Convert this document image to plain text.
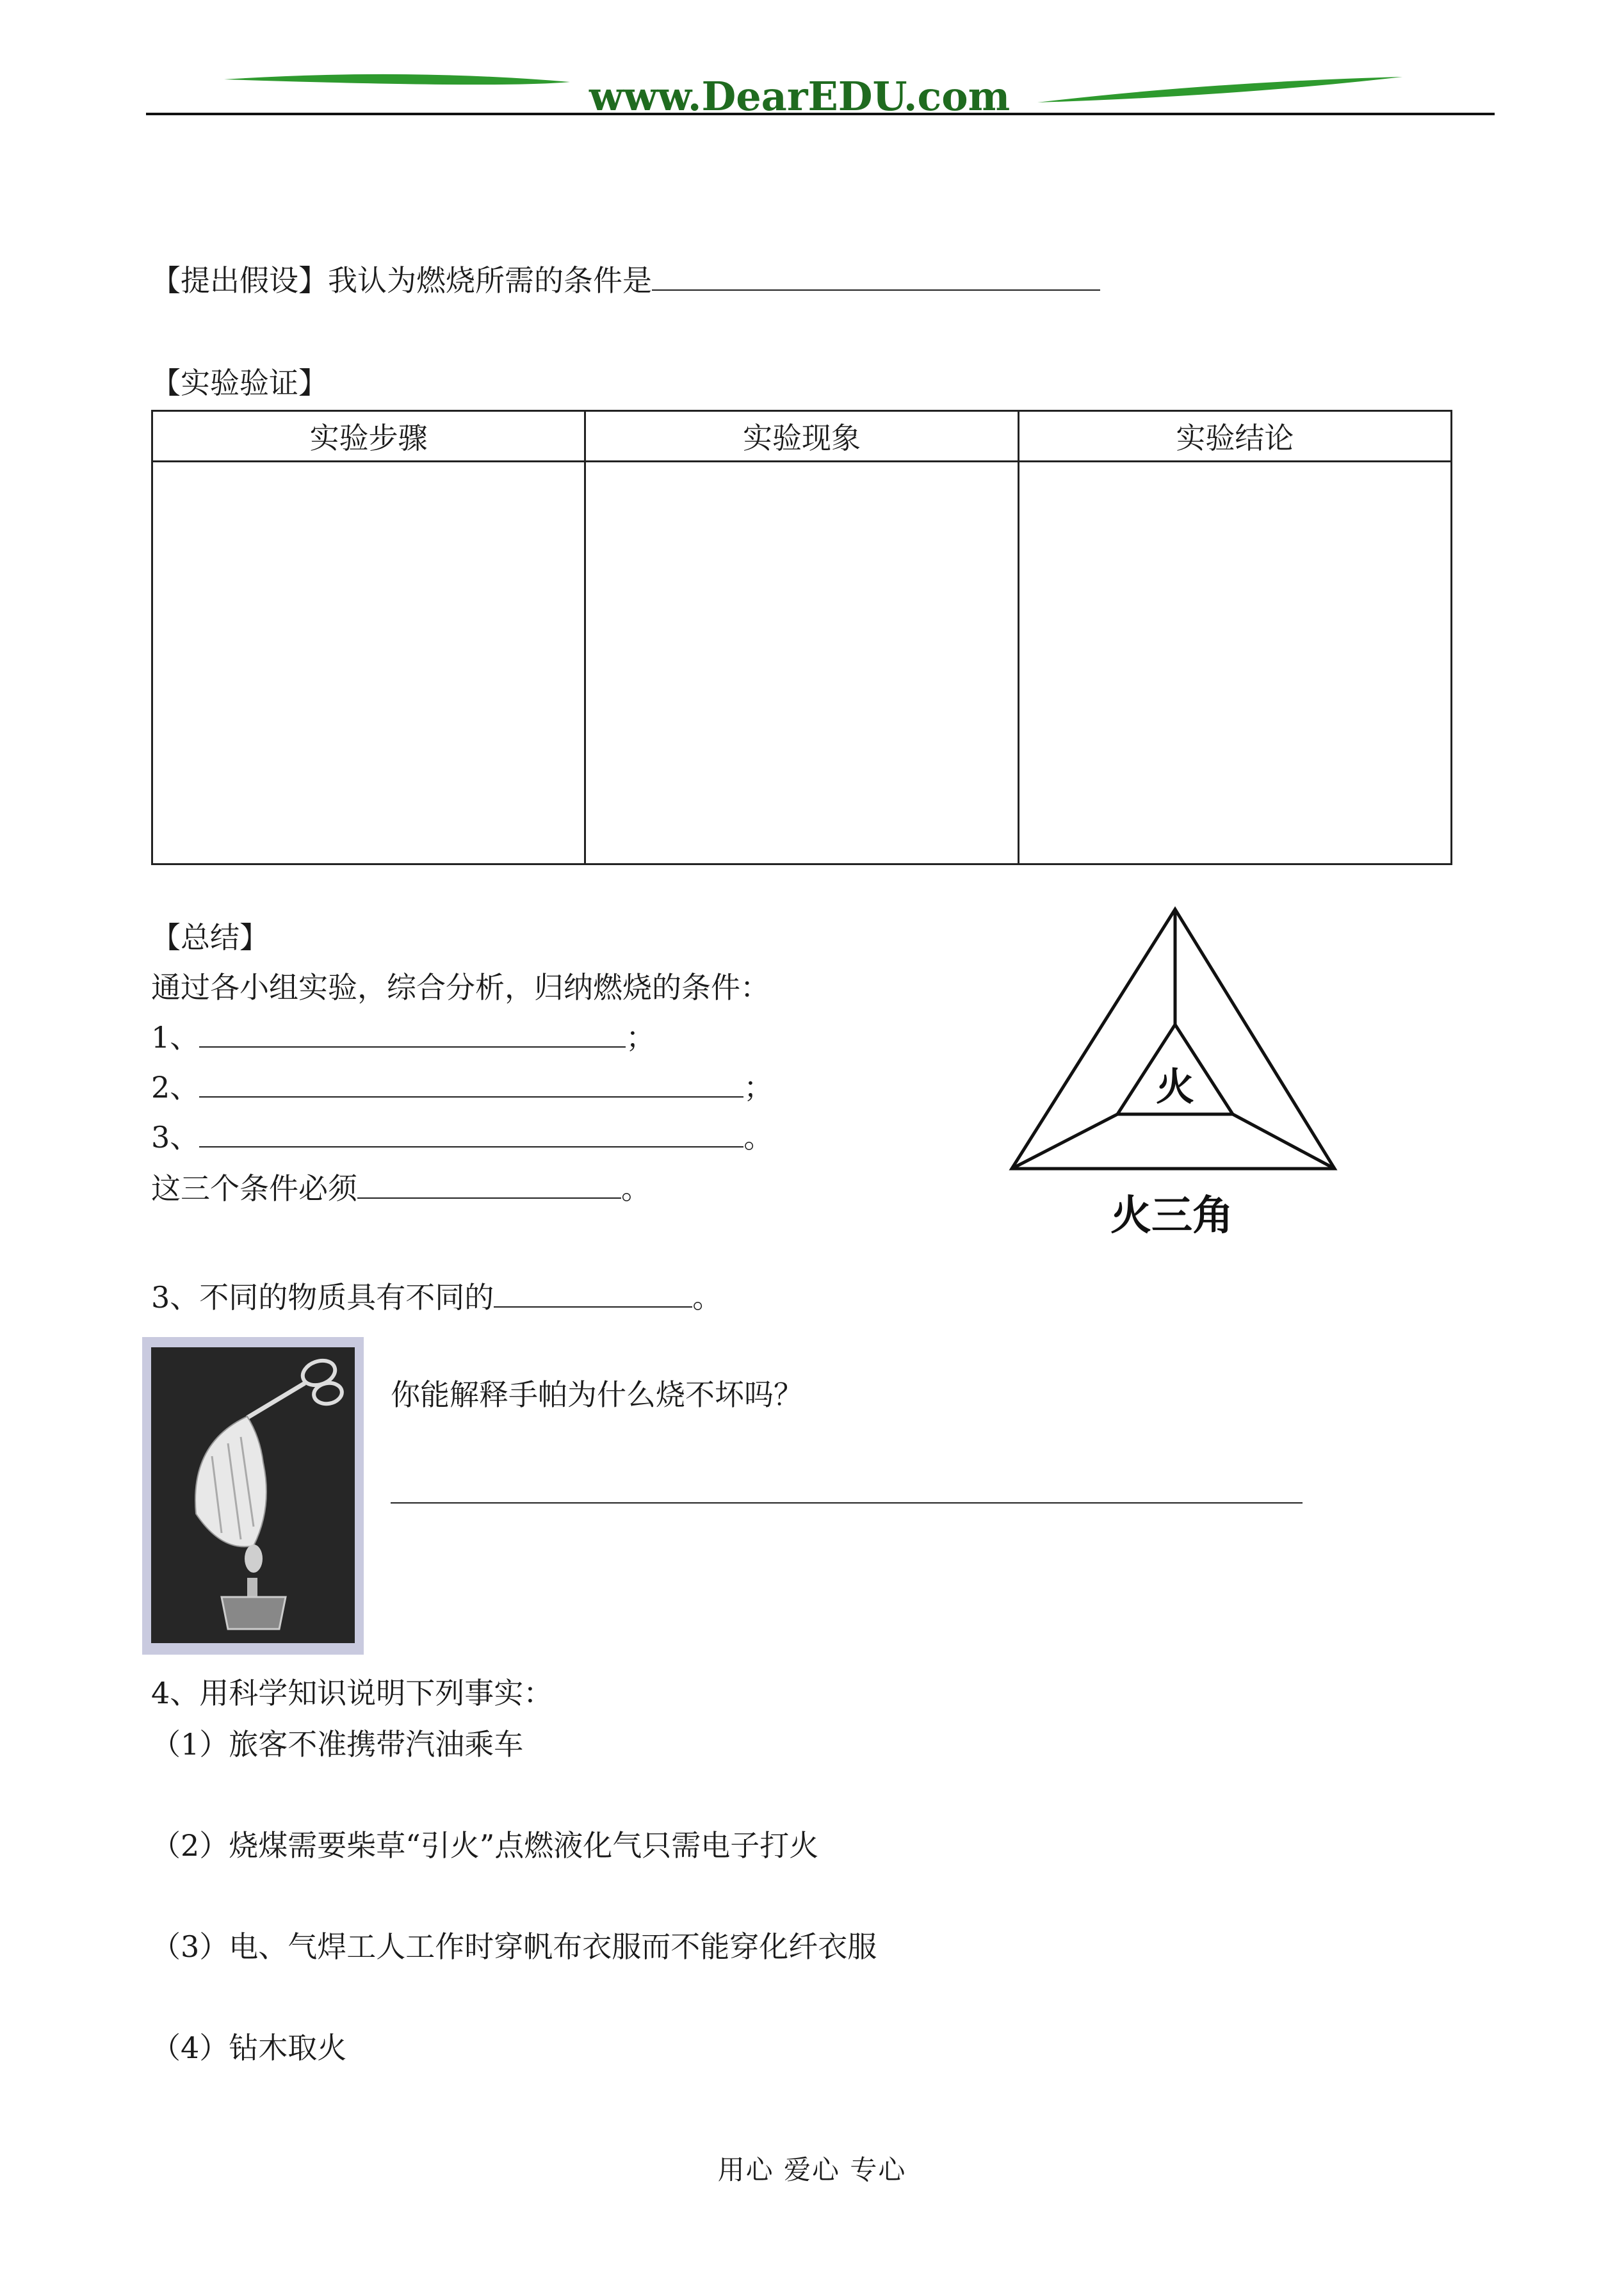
www.DearEDU.com
【提出假设】我认为燃烧所需的条件是
【实验验证】
实验步骤	实验现象	实验结论

【总结】
通过各小组实验，综合分析，归纳燃烧的条件：
1、	；
2、	；
3、	。
这三个条件必须	。
火
火三角
3、不同的物质具有不同的	。
你能解释手帕为什么烧不坏吗？
4、用科学知识说明下列事实：
（1）旅客不准携带汽油乘车
（2）烧煤需要柴草“引火”点燃液化气只需电子打火
（3）电、气焊工人工作时穿帆布衣服而不能穿化纤衣服
（4）钻木取火
用心 爱心 专心
